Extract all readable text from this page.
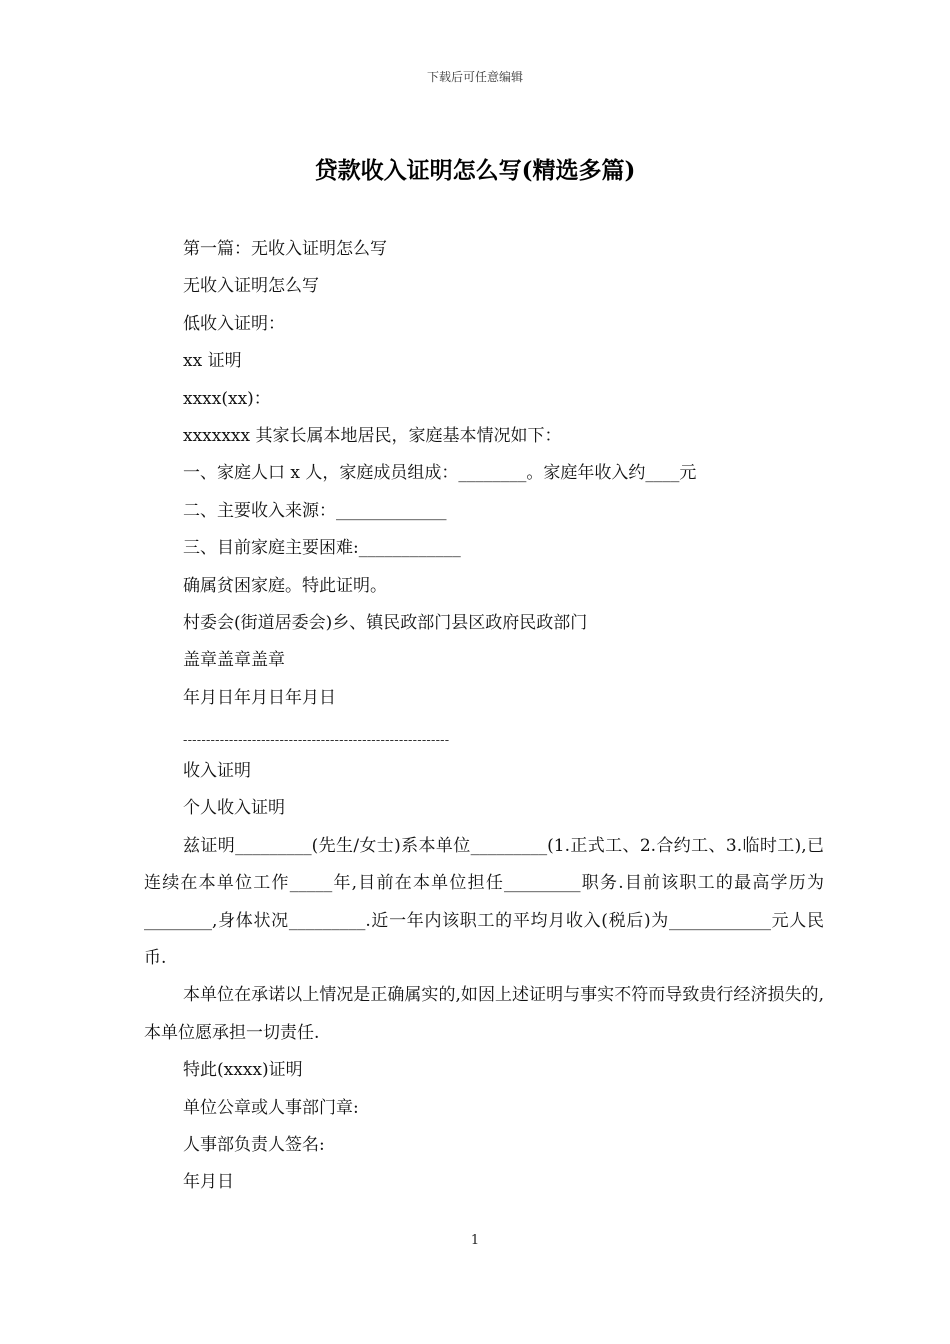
下载后可任意编辑
贷款收入证明怎么写(精选多篇)
第一篇：无收入证明怎么写
无收入证明怎么写
低收入证明：
xx 证明
xxxx(xx)：
xxxxxxx 其家长属本地居民，家庭基本情况如下：
一、家庭人口 x 人，家庭成员组成：________。家庭年收入约____元
二、主要收入来源：_____________
三、目前家庭主要困难:____________
确属贫困家庭。特此证明。
村委会(街道居委会)乡、镇民政部门县区政府民政部门
盖章盖章盖章
年月日年月日年月日
----------------------------------------------------------
收入证明
个人收入证明

兹证明_________(先生/女士)系本单位_________(1.正式工、2.合约工、3.临时工),已连续在本单位工作_____年,目前在本单位担任_________职务.目前该职工的最高学历为________,身体状况_________.近一年内该职工的平均月收入(税后)为____________元人民币.

本单位在承诺以上情况是正确属实的,如因上述证明与事实不符而导致贵行经济损失的,本单位愿承担一切责任.

特此(xxxx)证明
单位公章或人事部门章:
人事部负责人签名:
年月日
1
